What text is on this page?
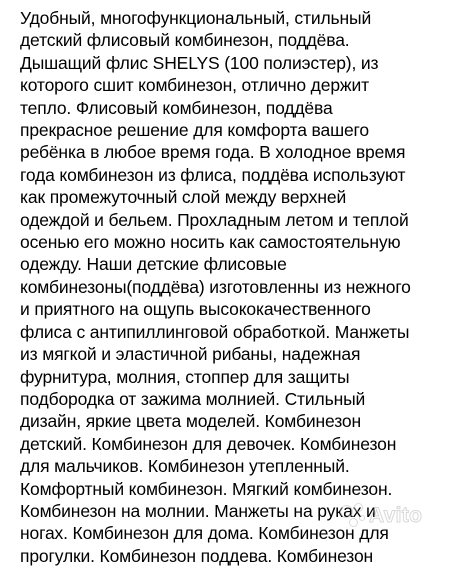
Удобный, многофункциональный, стильный
детский флисовый комбинезон, поддёва.
Дышащий флис SHELYS (100 полиэстер), из
которого сшит комбинезон, отлично держит
тепло. Флисовый комбинезон, поддёва
прекрасное решение для комфорта вашего
ребёнка в любое время года. В холодное время
года комбинезон из флиса, поддёва используют
как промежуточный слой между верхней
одеждой и бельем. Прохладным летом и теплой
осенью его можно носить как самостоятельную
одежду. Наши детские флисовые
комбинезоны(поддёва) изготовленны из нежного
и приятного на ощупь высококачественного
флиса с антипиллинговой обработкой. Манжеты
из мягкой и эластичной рибаны, надежная
фурнитура, молния, стоппер для защиты
подбородка от зажима молнией. Стильный
дизайн, яркие цвета моделей. Комбинезон
детский. Комбинезон для девочек. Комбинезон
для мальчиков. Комбинезон утепленный.
Комфортный комбинезон. Мягкий комбинезон.
Комбинезон на молнии. Манжеты на руках и
ногах. Комбинезон для дома. Комбинезон для
прогулки. Комбинезон поддева. Комбинезон
Avito
